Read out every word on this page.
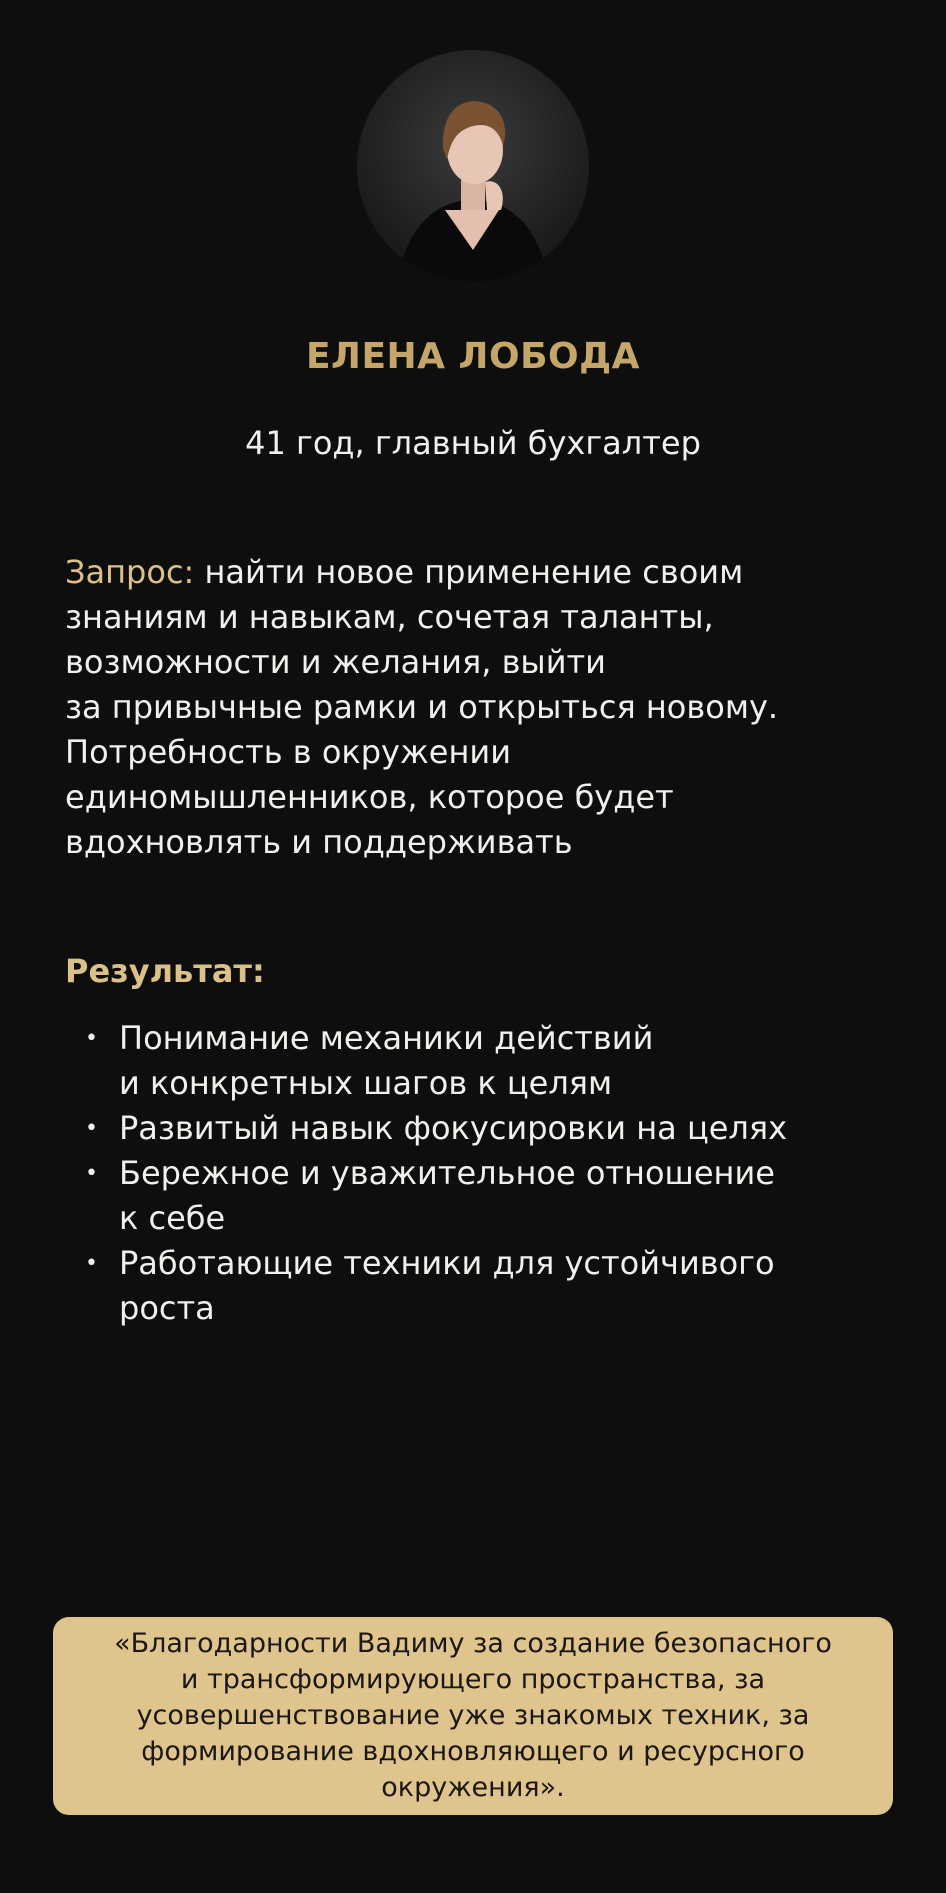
ЕЛЕНА ЛОБОДА

41 год, главный бухгалтер

Запрос: найти новое применение своим
знаниям и навыкам, сочетая таланты,
возможности и желания, выйти
за привычные рамки и открыться новому.
Потребность в окружении
единомышленников, которое будет
вдохновлять и поддерживать

Результат:
• Понимание механики действий
и конкретных шагов к целям
• Развитый навык фокусировки на целях
• Бережное и уважительное отношение
к себе
• Работающие техники для устойчивого
роста

«Благодарности Вадиму за создание безопасного
и трансформирующего пространства, за
усовершенствование уже знакомых техник, за
формирование вдохновляющего и ресурсного
окружения».
